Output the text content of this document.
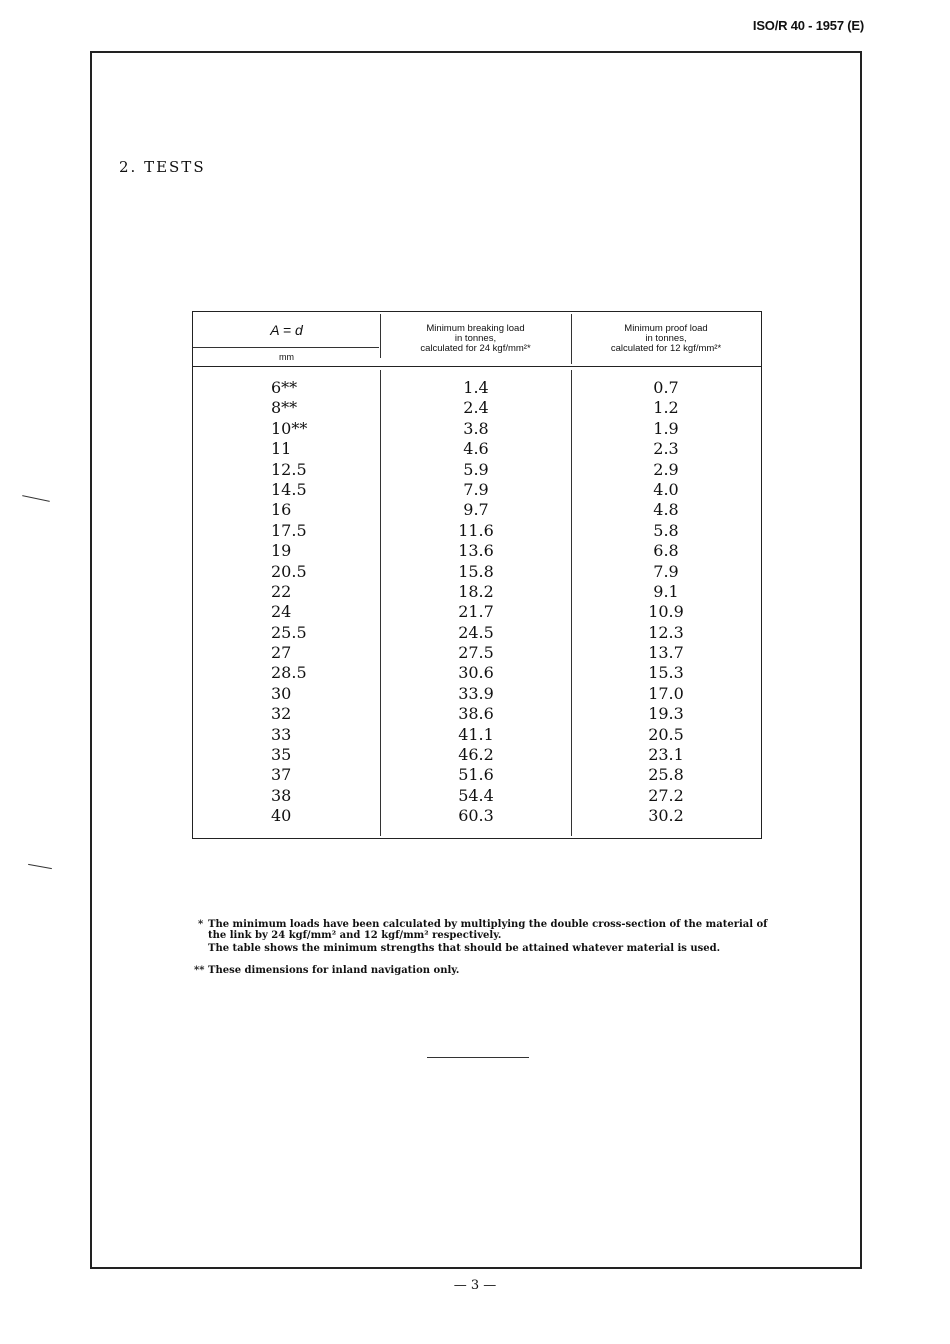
ISO/R 40 - 1957 (E)
2. TESTS
A = d
mm
Minimum breaking load
in tonnes,
calculated for 24 kgf/mm²*
Minimum proof load
in tonnes,
calculated for 12 kgf/mm²*
6**	1.4	0.7
8**	2.4	1.2
10**	3.8	1.9
11	4.6	2.3
12.5	5.9	2.9
14.5	7.9	4.0
16	9.7	4.8
17.5	11.6	5.8
19	13.6	6.8
20.5	15.8	7.9
22	18.2	9.1
24	21.7	10.9
25.5	24.5	12.3
27	27.5	13.7
28.5	30.6	15.3
30	33.9	17.0
32	38.6	19.3
33	41.1	20.5
35	46.2	23.1
37	51.6	25.8
38	54.4	27.2
40	60.3	30.2
* The minimum loads have been calculated by multiplying the double cross-section of the material of
the link by 24 kgf/mm² and 12 kgf/mm² respectively.
The table shows the minimum strengths that should be attained whatever material is used.
** These dimensions for inland navigation only.
— 3 —
